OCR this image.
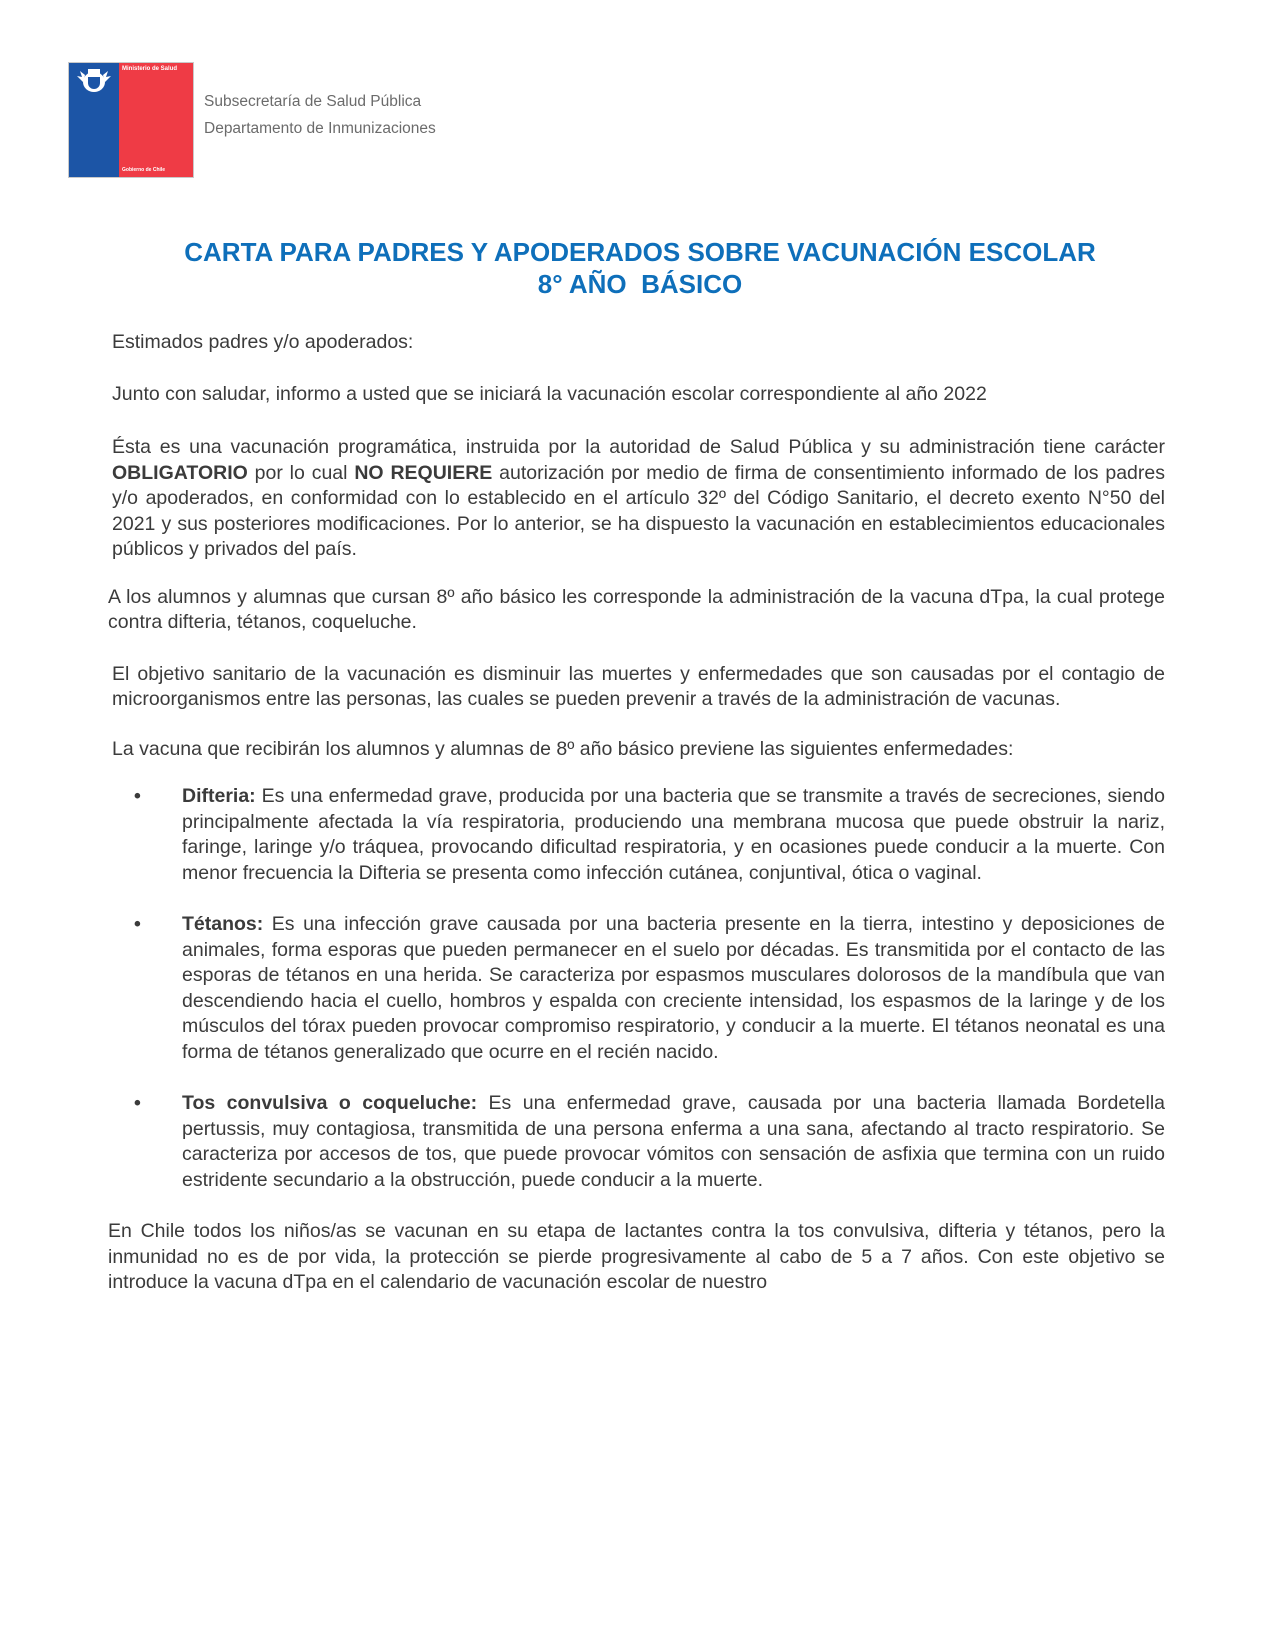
Ministerio de Salud
Gobierno de Chile
Subsecretaría de Salud Pública
Departamento de Inmunizaciones
CARTA PARA PADRES Y APODERADOS SOBRE VACUNACIÓN ESCOLAR
8° AÑO  BÁSICO

Estimados padres y/o apoderados:

Junto con saludar, informo a usted que se iniciará la vacunación escolar correspondiente al año 2022

Ésta es una vacunación programática, instruida por la autoridad de Salud Pública y su administración tiene carácter OBLIGATORIO por lo cual NO REQUIERE autorización por medio de firma de consentimiento informado de los padres y/o apoderados, en conformidad con lo establecido en el artículo 32º del Código Sanitario, el decreto exento N°50 del 2021 y sus posteriores modificaciones. Por lo anterior, se ha dispuesto la vacunación en establecimientos educacionales públicos y privados del país.

A los alumnos y alumnas que cursan 8º año básico les corresponde la administración de la vacuna dTpa, la cual protege contra difteria, tétanos, coqueluche.

El objetivo sanitario de la vacunación es disminuir las muertes y enfermedades que son causadas por el contagio de microorganismos entre las personas, las cuales se pueden prevenir a través de la administración de vacunas.

La vacuna que recibirán los alumnos y alumnas de 8º año básico previene las siguientes enfermedades:

• Difteria: Es una enfermedad grave, producida por una bacteria que se transmite a través de secreciones, siendo principalmente afectada la vía respiratoria, produciendo una membrana mucosa que puede obstruir la nariz, faringe, laringe y/o tráquea, provocando dificultad respiratoria, y en ocasiones puede conducir a la muerte. Con menor frecuencia la Difteria se presenta como infección cutánea, conjuntival, ótica o vaginal.
• Tétanos: Es una infección grave causada por una bacteria presente en la tierra, intestino y deposiciones de animales, forma esporas que pueden permanecer en el suelo por décadas. Es transmitida por el contacto de las esporas de tétanos en una herida. Se caracteriza por espasmos musculares dolorosos de la mandíbula que van descendiendo hacia el cuello, hombros y espalda con creciente intensidad, los espasmos de la laringe y de los músculos del tórax pueden provocar compromiso respiratorio, y conducir a la muerte. El tétanos neonatal es una forma de tétanos generalizado que ocurre en el recién nacido.
• Tos convulsiva o coqueluche: Es una enfermedad grave, causada por una bacteria llamada Bordetella pertussis, muy contagiosa, transmitida de una persona enferma a una sana, afectando al tracto respiratorio. Se caracteriza por accesos de tos, que puede provocar vómitos con sensación de asfixia que termina con un ruido estridente secundario a la obstrucción, puede conducir a la muerte.

En Chile todos los niños/as se vacunan en su etapa de lactantes contra la tos convulsiva, difteria y tétanos, pero la inmunidad no es de por vida, la protección se pierde progresivamente al cabo de 5 a 7 años. Con este objetivo se introduce la vacuna dTpa en el calendario de vacunación escolar de nuestro
